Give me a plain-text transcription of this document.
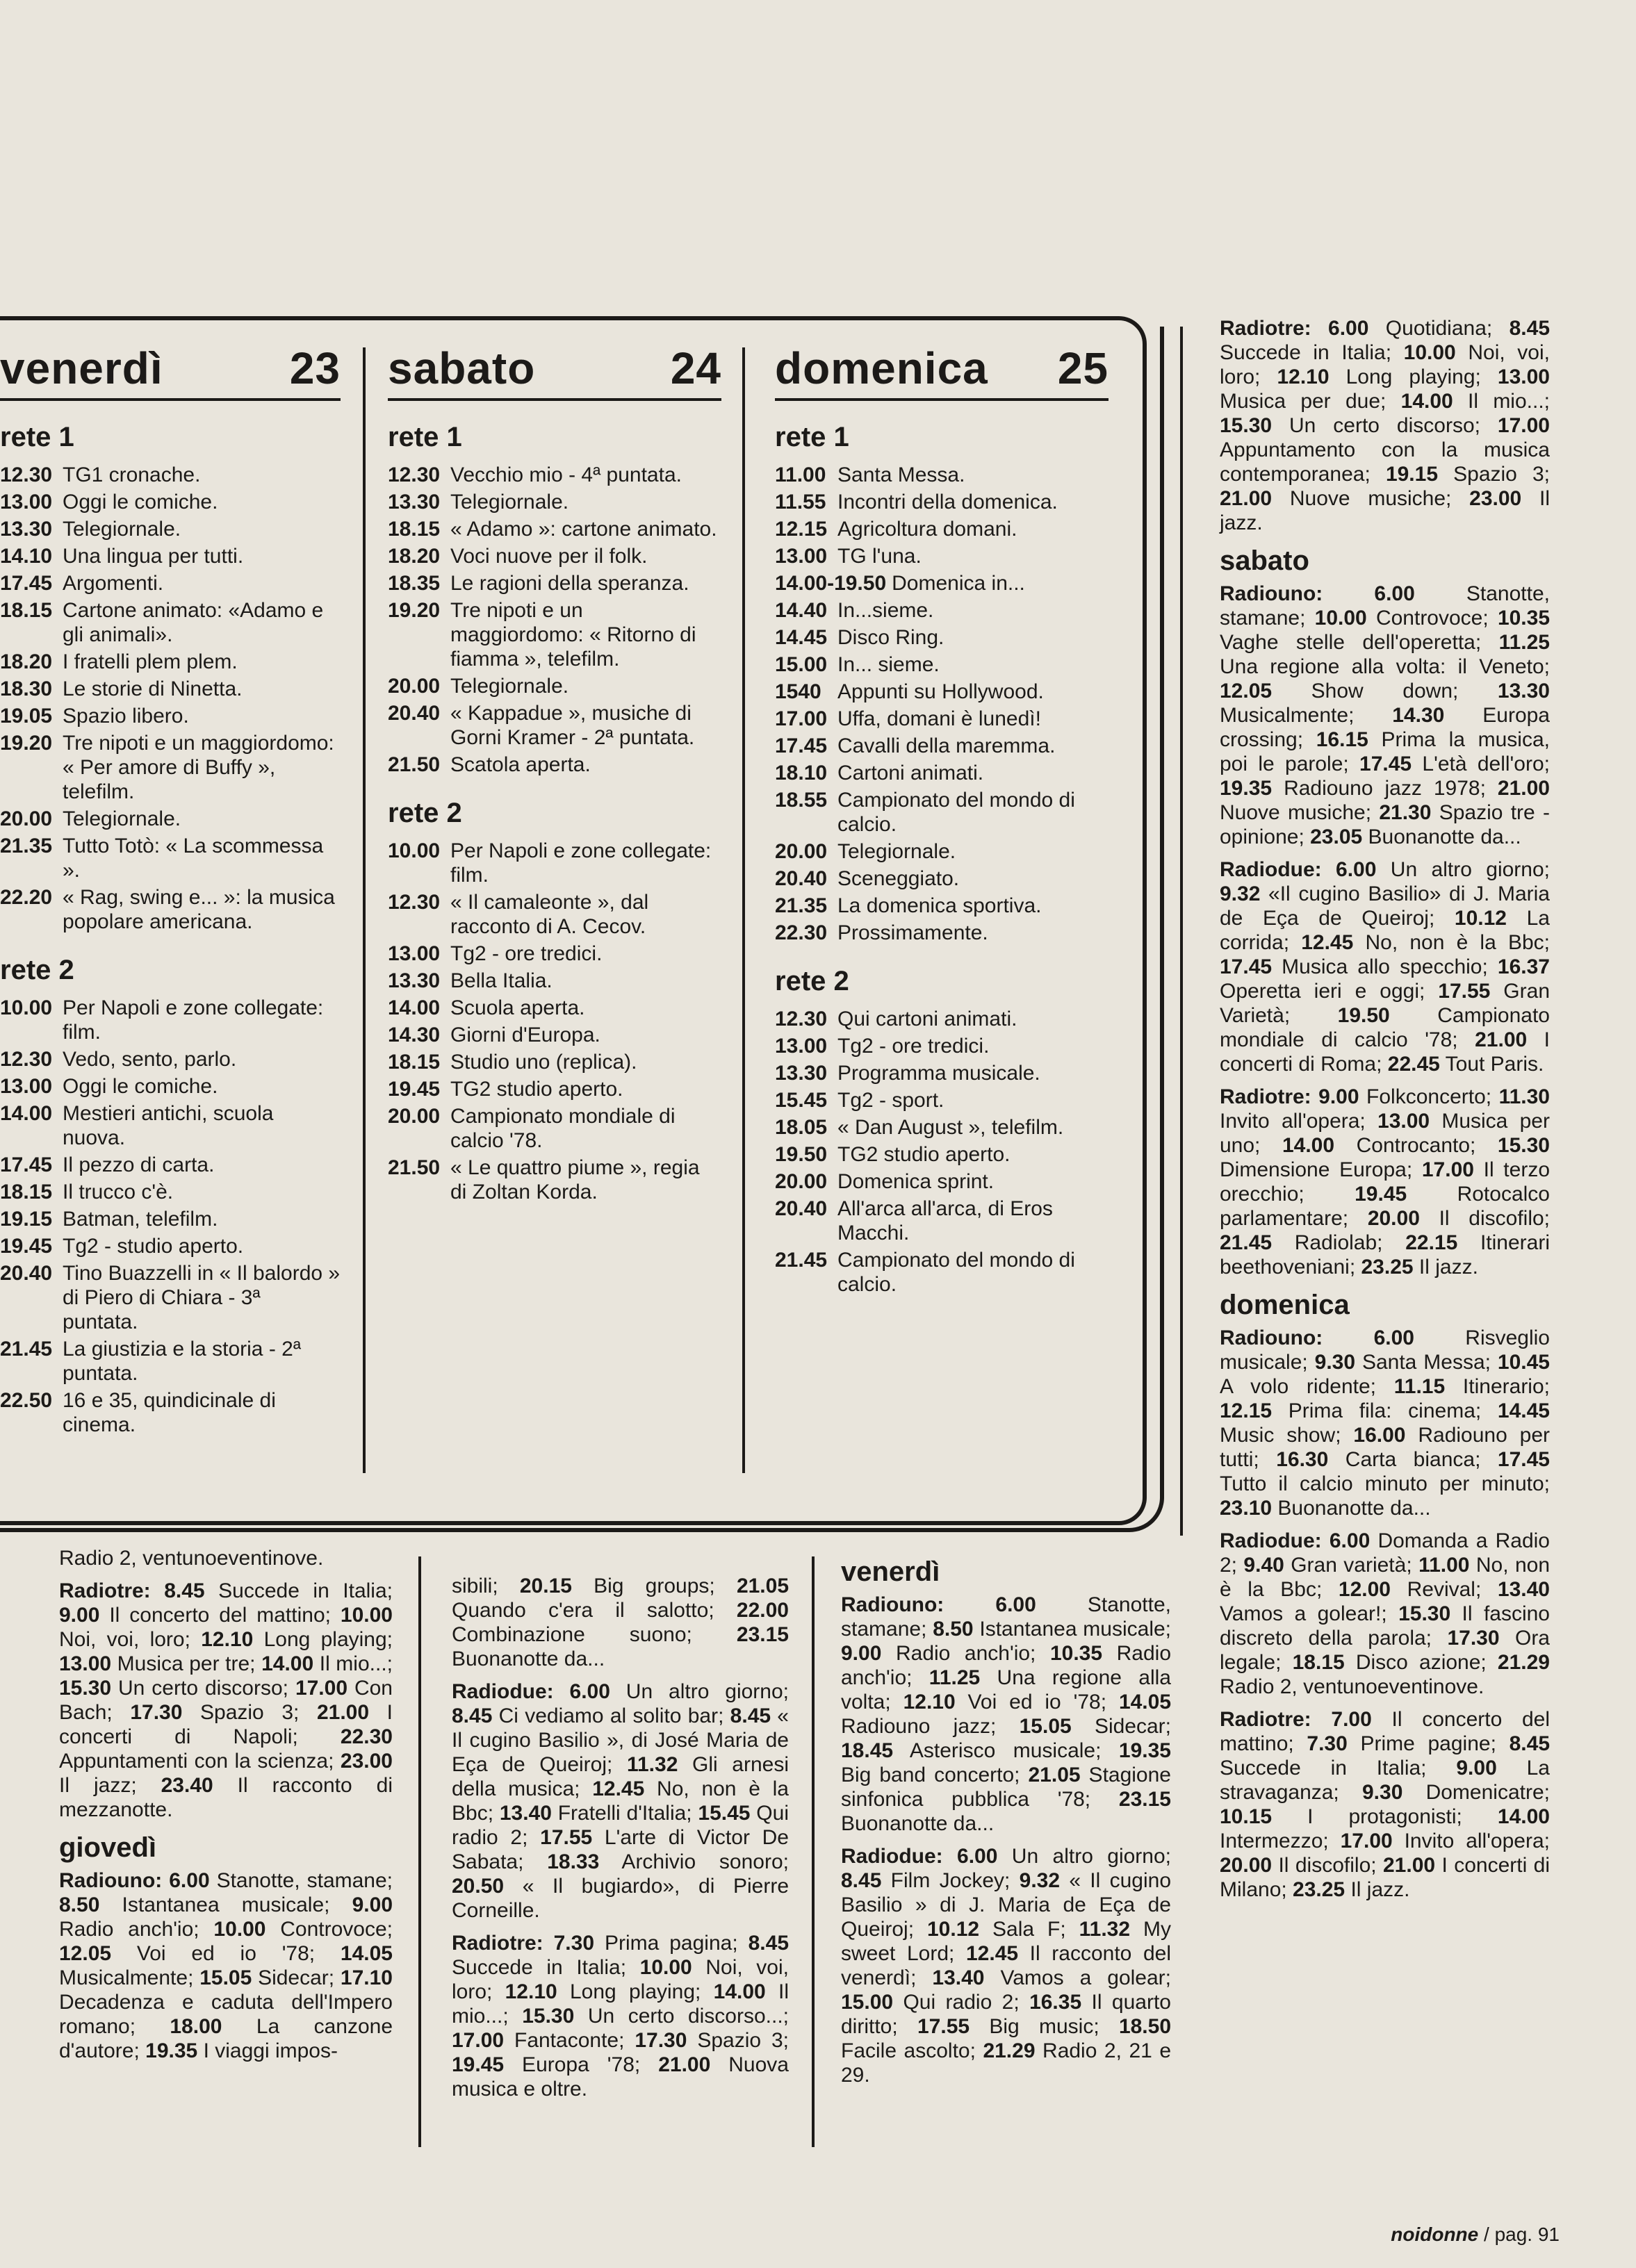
venerdì	23
rete 1
12.30 TG1 cronache.
13.00 Oggi le comiche.
13.30 Telegiornale.
14.10 Una lingua per tutti.
17.45 Argomenti.
18.15 Cartone animato: «Adamo e gli animali».
18.20 I fratelli plem plem.
18.30 Le storie di Ninetta.
19.05 Spazio libero.
19.20 Tre nipoti e un maggiordomo: « Per amore di Buffy », telefilm.
20.00 Telegiornale.
21.35 Tutto Totò: « La scommessa ».
22.20 « Rag, swing e... »: la musica popolare americana.
rete 2
10.00 Per Napoli e zone collegate: film.
12.30 Vedo, sento, parlo.
13.00 Oggi le comiche.
14.00 Mestieri antichi, scuola nuova.
17.45 Il pezzo di carta.
18.15 Il trucco c'è.
19.15 Batman, telefilm.
19.45 Tg2 - studio aperto.
20.40 Tino Buazzelli in « Il balordo » di Piero di Chiara - 3ª puntata.
21.45 La giustizia e la storia - 2ª puntata.
22.50 16 e 35, quindicinale di cinema.
sabato	24
rete 1
12.30 Vecchio mio - 4ª puntata.
13.30 Telegiornale.
18.15 « Adamo »: cartone animato.
18.20 Voci nuove per il folk.
18.35 Le ragioni della speranza.
19.20 Tre nipoti e un maggiordomo: « Ritorno di fiamma », telefilm.
20.00 Telegiornale.
20.40 « Kappadue », musiche di Gorni Kramer - 2ª puntata.
21.50 Scatola aperta.
rete 2
10.00 Per Napoli e zone collegate: film.
12.30 « Il camaleonte », dal racconto di A. Cecov.
13.00 Tg2 - ore tredici.
13.30 Bella Italia.
14.00 Scuola aperta.
14.30 Giorni d'Europa.
18.15 Studio uno (replica).
19.45 TG2 studio aperto.
20.00 Campionato mondiale di calcio '78.
21.50 « Le quattro piume », regia di Zoltan Korda.
domenica 25
rete 1
11.00 Santa Messa.
11.55 Incontri della domenica.
12.15 Agricoltura domani.
13.00 TG l'una.
14.00-19.50 Domenica in...
14.40 In...sieme.
14.45 Disco Ring.
15.00 In... sieme.
1540 Appunti su Hollywood.
17.00 Uffa, domani è lunedì!
17.45 Cavalli della maremma.
18.10 Cartoni animati.
18.55 Campionato del mondo di calcio.
20.00 Telegiornale.
20.40 Sceneggiato.
21.35 La domenica sportiva.
22.30 Prossimamente.
rete 2
12.30 Qui cartoni animati.
13.00 Tg2 - ore tredici.
13.30 Programma musicale.
15.45 Tg2 - sport.
18.05 « Dan August », telefilm.
19.50 TG2 studio aperto.
20.00 Domenica sprint.
20.40 All'arca all'arca, di Eros Macchi.
21.45 Campionato del mondo di calcio.

Radio 2, ventunoeventinove.

Radiotre: 8.45 Succede in Italia; 9.00 Il concerto del mattino; 10.00 Noi, voi, loro; 12.10 Long playing; 13.00 Musica per tre; 14.00 Il mio...; 15.30 Un certo discorso; 17.00 Con Bach; 17.30 Spazio 3; 21.00 I concerti di Napoli; 22.30 Appuntamenti con la scienza; 23.00 Il jazz; 23.40 Il racconto di mezzanotte.

giovedì

Radiouno: 6.00 Stanotte, stamane; 8.50 Istantanea musicale; 9.00 Radio anch'io; 10.00 Controvoce; 12.05 Voi ed io '78; 14.05 Musicalmente; 15.05 Sidecar; 17.10 Decadenza e caduta dell'Impero romano; 18.00 La canzone d'autore; 19.35 I viaggi impos-

sibili; 20.15 Big groups; 21.05 Quando c'era il salotto; 22.00 Combinazione suono; 23.15 Buonanotte da...

Radiodue: 6.00 Un altro giorno; 8.45 Ci vediamo al solito bar; 8.45 « Il cugino Basilio », di José Maria de Eça de Queiroj; 11.32 Gli arnesi della musica; 12.45 No, non è la Bbc; 13.40 Fratelli d'Italia; 15.45 Qui radio 2; 17.55 L'arte di Victor De Sabata; 18.33 Archivio sonoro; 20.50 « Il bugiardo», di Pierre Corneille.

Radiotre: 7.30 Prima pagina; 8.45 Succede in Italia; 10.00 Noi, voi, loro; 12.10 Long playing; 14.00 Il mio...; 15.30 Un certo discorso...; 17.00 Fantaconte; 17.30 Spazio 3; 19.45 Europa '78; 21.00 Nuova musica e oltre.

venerdì

Radiouno: 6.00 Stanotte, stamane; 8.50 Istantanea musicale; 9.00 Radio anch'io; 10.35 Radio anch'io; 11.25 Una regione alla volta; 12.10 Voi ed io '78; 14.05 Radiouno jazz; 15.05 Sidecar; 18.45 Asterisco musicale; 19.35 Big band concerto; 21.05 Stagione sinfonica pubblica '78; 23.15 Buonanotte da...

Radiodue: 6.00 Un altro giorno; 8.45 Film Jockey; 9.32 « Il cugino Basilio » di J. Maria de Eça de Queiroj; 10.12 Sala F; 11.32 My sweet Lord; 12.45 Il racconto del venerdì; 13.40 Vamos a golear; 15.00 Qui radio 2; 16.35 Il quarto diritto; 17.55 Big music; 18.50 Facile ascolto; 21.29 Radio 2, 21 e 29.

Radiotre: 6.00 Quotidiana; 8.45 Succede in Italia; 10.00 Noi, voi, loro; 12.10 Long playing; 13.00 Musica per due; 14.00 Il mio...; 15.30 Un certo discorso; 17.00 Appuntamento con la musica contemporanea; 19.15 Spazio 3; 21.00 Nuove musiche; 23.00 Il jazz.

sabato

Radiouno: 6.00 Stanotte, stamane; 10.00 Controvoce; 10.35 Vaghe stelle dell'operetta; 11.25 Una regione alla volta: il Veneto; 12.05 Show down; 13.30 Musicalmente; 14.30 Europa crossing; 16.15 Prima la musica, poi le parole; 17.45 L'età dell'oro; 19.35 Radiouno jazz 1978; 21.00 Nuove musiche; 21.30 Spazio tre - opinione; 23.05 Buonanotte da...

Radiodue: 6.00 Un altro giorno; 9.32 «Il cugino Basilio» di J. Maria de Eça de Queiroj; 10.12 La corrida; 12.45 No, non è la Bbc; 17.45 Musica allo specchio; 16.37 Operetta ieri e oggi; 17.55 Gran Varietà; 19.50 Campionato mondiale di calcio '78; 21.00 I concerti di Roma; 22.45 Tout Paris.

Radiotre: 9.00 Folkconcerto; 11.30 Invito all'opera; 13.00 Musica per uno; 14.00 Controcanto; 15.30 Dimensione Europa; 17.00 Il terzo orecchio; 19.45 Rotocalco parlamentare; 20.00 Il discofilo; 21.45 Radiolab; 22.15 Itinerari beethoveniani; 23.25 Il jazz.

domenica

Radiouno: 6.00 Risveglio musicale; 9.30 Santa Messa; 10.45 A volo ridente; 11.15 Itinerario; 12.15 Prima fila: cinema; 14.45 Music show; 16.00 Radiouno per tutti; 16.30 Carta bianca; 17.45 Tutto il calcio minuto per minuto; 23.10 Buonanotte da...

Radiodue: 6.00 Domanda a Radio 2; 9.40 Gran varietà; 11.00 No, non è la Bbc; 12.00 Revival; 13.40 Vamos a golear!; 15.30 Il fascino discreto della parola; 17.30 Ora legale; 18.15 Disco azione; 21.29 Radio 2, ventunoeventinove.

Radiotre: 7.00 Il concerto del mattino; 7.30 Prime pagine; 8.45 Succede in Italia; 9.00 La stravaganza; 9.30 Domenicatre; 10.15 I protagonisti; 14.00 Intermezzo; 17.00 Invito all'opera; 20.00 Il discofilo; 21.00 I concerti di Milano; 23.25 Il jazz.

noidonne / pag. 91
